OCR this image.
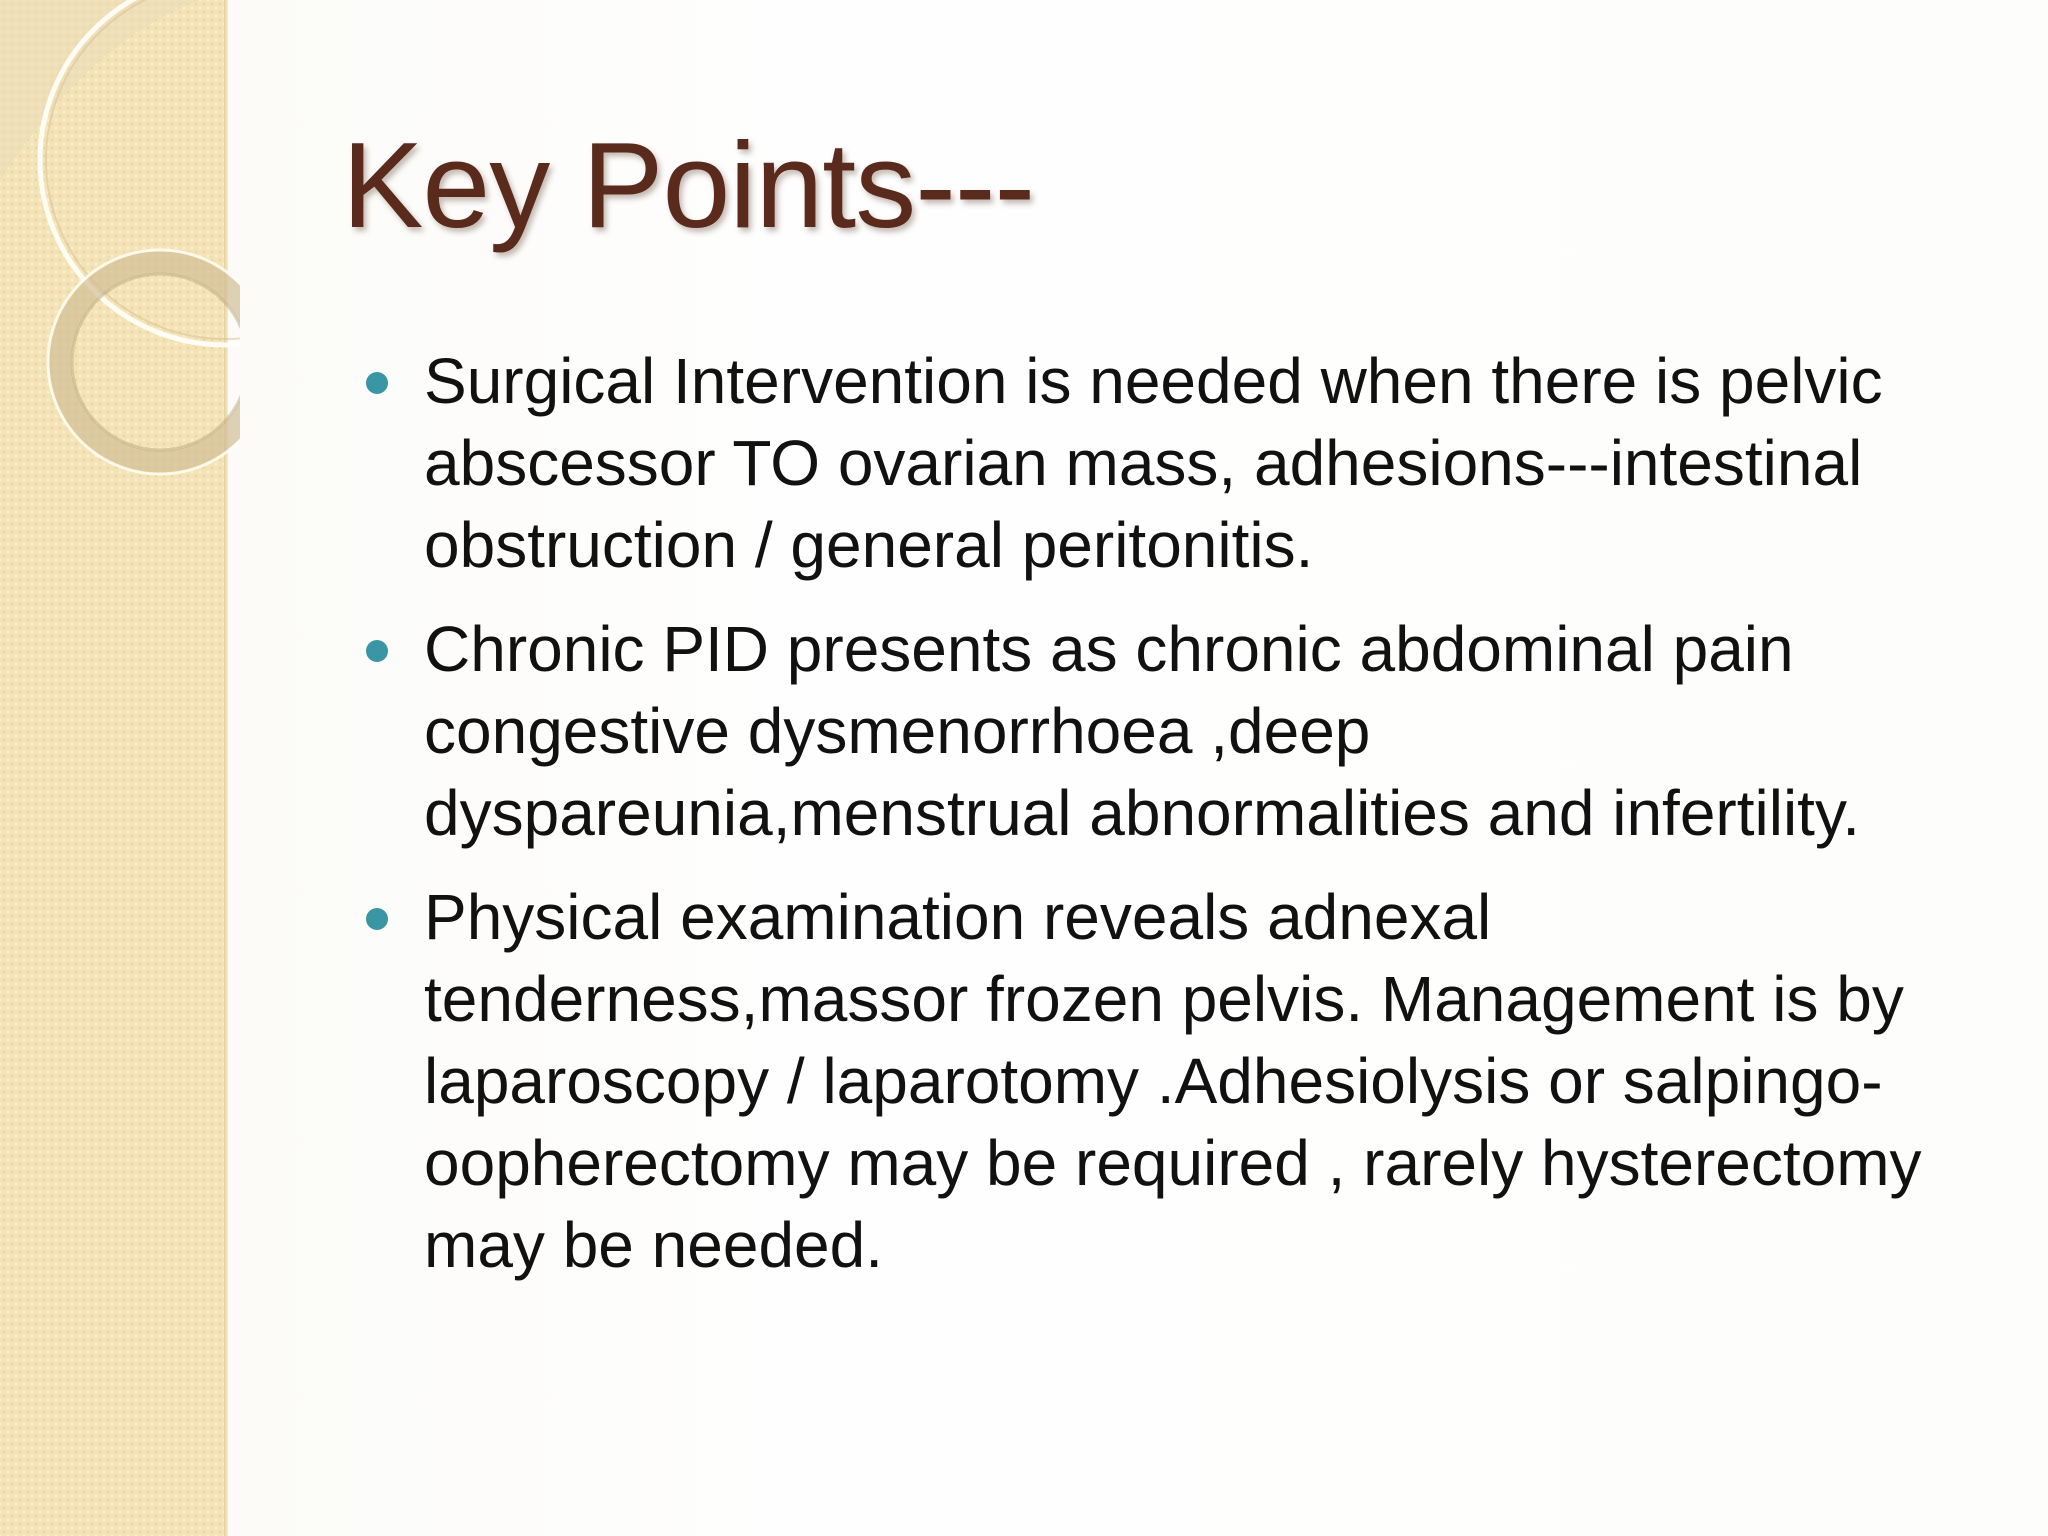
Key Points---
Surgical Intervention is needed when there is pelvic abscessor TO ovarian mass, adhesions---intestinal obstruction / general peritonitis.
Chronic PID presents as chronic abdominal pain congestive dysmenorrhoea ,deep dyspareunia,menstrual abnormalities and infertility.
Physical examination reveals adnexal tenderness,massor frozen pelvis. Management is by laparoscopy / laparotomy .Adhesiolysis or salpingo-oopherectomy may be required , rarely hysterectomy may be needed.
